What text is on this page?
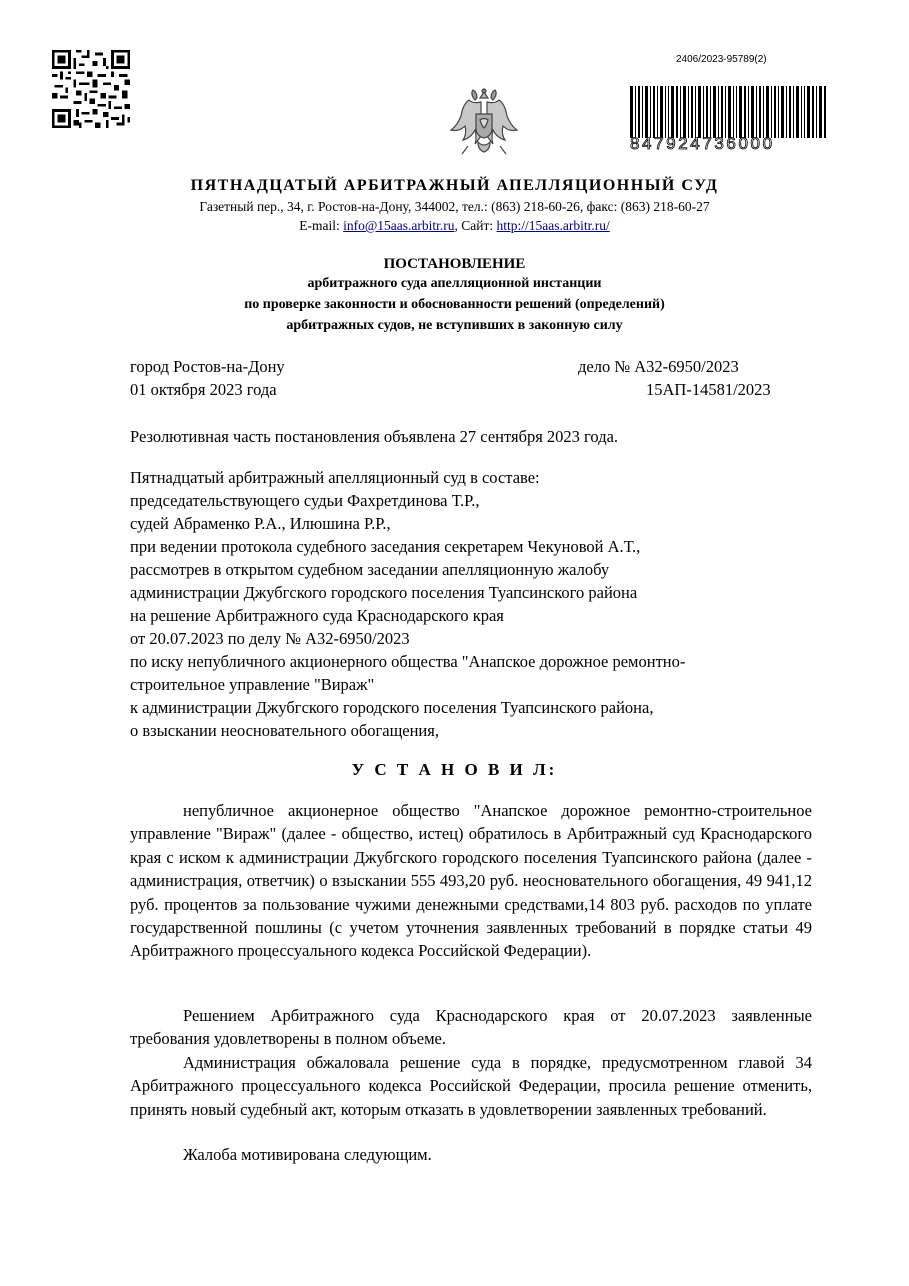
2406/2023-95789(2)
847924736000
ПЯТНАДЦАТЫЙ АРБИТРАЖНЫЙ АПЕЛЛЯЦИОННЫЙ СУД
Газетный пер., 34, г. Ростов-на-Дону, 344002, тел.: (863) 218-60-26, факс: (863) 218-60-27
E-mail: info@15aas.arbitr.ru, Сайт: http://15aas.arbitr.ru/
ПОСТАНОВЛЕНИЕ
арбитражного суда апелляционной инстанции
по проверке законности и обоснованности решений (определений)
арбитражных судов, не вступивших в законную силу
город Ростов-на-Дону
01 октября 2023 года
дело № А32-6950/2023
15АП-14581/2023
Резолютивная часть постановления объявлена 27 сентября 2023 года.
Пятнадцатый арбитражный апелляционный суд в составе:
председательствующего судьи Фахретдинова Т.Р.,
судей Абраменко Р.А., Илюшина Р.Р.,
при ведении протокола судебного заседания секретарем Чекуновой А.Т.,
рассмотрев в открытом судебном заседании апелляционную жалобу
администрации Джубгского городского поселения Туапсинского района
на решение Арбитражного суда Краснодарского края
от 20.07.2023 по делу № А32-6950/2023
по иску непубличного акционерного общества "Анапское дорожное ремонтно-
строительное управление "Вираж"
к администрации Джубгского городского поселения Туапсинского района,
о взыскании неосновательного обогащения,
У С Т А Н О В И Л:
непубличное акционерное общество "Анапское дорожное ремонтно-строительное управление "Вираж" (далее - общество, истец) обратилось в Арбитражный суд Краснодарского края с иском к администрации Джубгского городского поселения Туапсинского района (далее - администрация, ответчик) о взыскании 555 493,20 руб. неосновательного обогащения, 49 941,12 руб. процентов за пользование чужими денежными средствами,14 803 руб. расходов по уплате государственной пошлины (с учетом уточнения заявленных требований в порядке статьи 49 Арбитражного процессуального кодекса Российской Федерации).
Решением Арбитражного суда Краснодарского края от 20.07.2023 заявленные требования удовлетворены в полном объеме.
Администрация обжаловала решение суда в порядке, предусмотренном главой 34 Арбитражного процессуального кодекса Российской Федерации, просила решение отменить, принять новый судебный акт, которым отказать в удовлетворении заявленных требований.
Жалоба мотивирована следующим.
